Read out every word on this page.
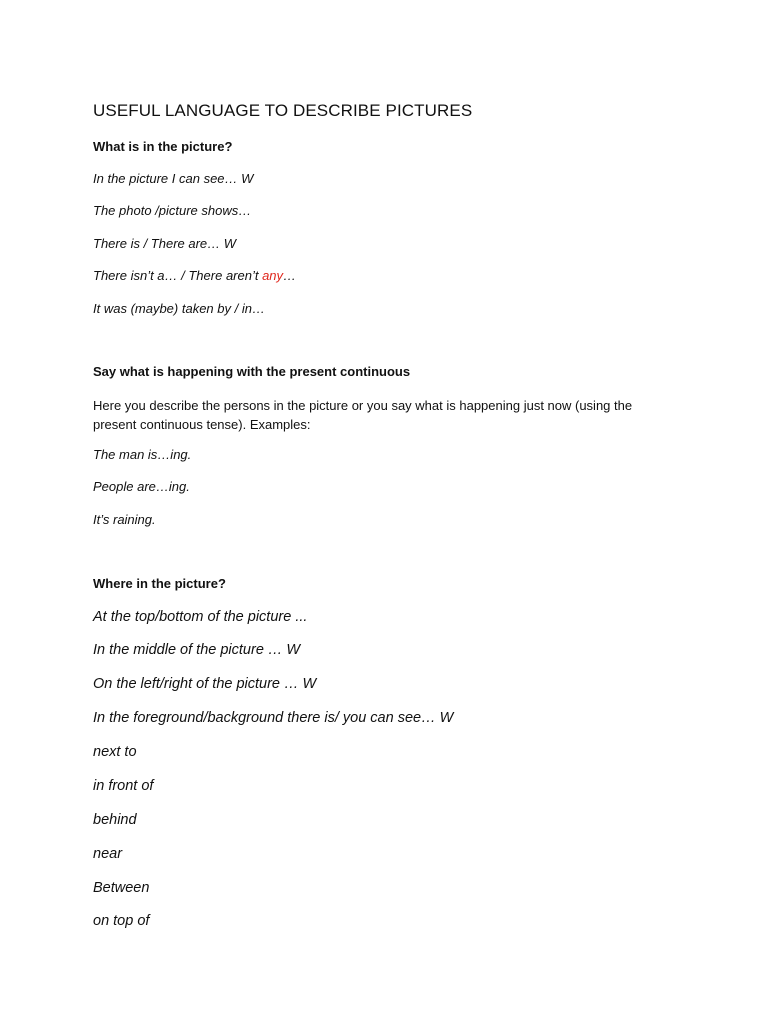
USEFUL LANGUAGE TO DESCRIBE PICTURES

What is in the picture?

In the picture I can see… W

The photo /picture shows…

There is / There are… W

There isn’t a… / There aren’t any…

It was (maybe) taken by / in…

Say what is happening with the present continuous

Here you describe the persons in the picture or you say what is happening just now (using the present continuous tense). Examples:

The man is…ing.

People are…ing.

It’s raining.

Where in the picture?

At the top/bottom of the picture ...

In the middle of the picture … W

On the left/right of the picture … W

In the foreground/background there is/ you can see… W

next to

in front of

behind

near

Between

on top of
